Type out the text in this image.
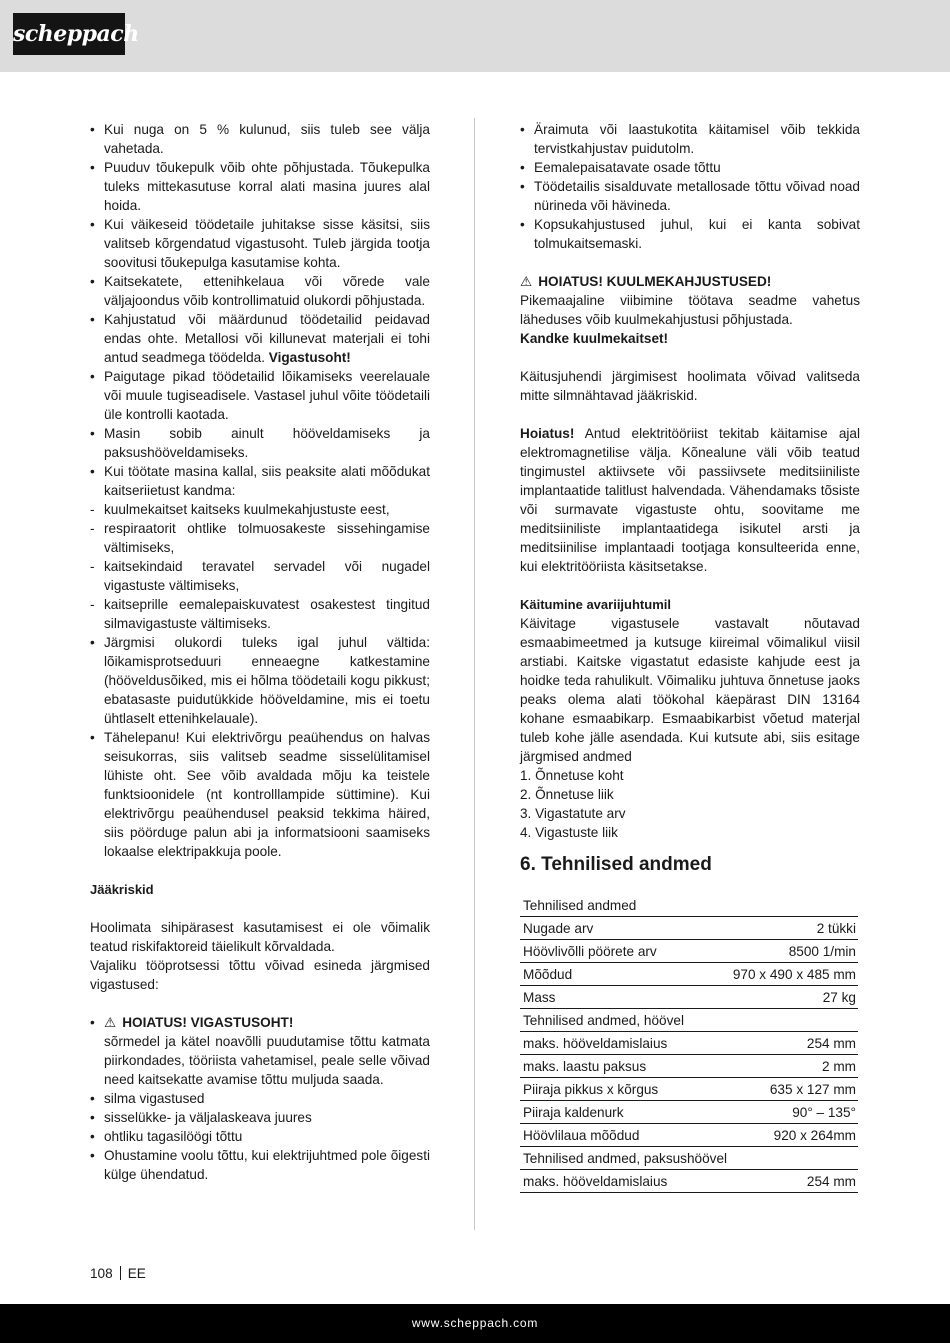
scheppach
• Kui nuga on 5 % kulunud, siis tuleb see välja vahetada.
• Puuduv tõukepulk võib ohte põhjustada. Tõukepulka tuleks mittekasutuse korral alati masina juures alal hoida.
• Kui väikeseid töödetaile juhitakse sisse käsitsi, siis valitseb kõrgendatud vigastusoht. Tuleb järgida tootja soovitusi tõukepulga kasutamise kohta.
• Kaitsekatete, ettenihkelaua või võrede vale väljajoondus võib kontrollimatuid olukordi põhjustada.
• Kahjustatud või määrdunud töödetailid peidavad endas ohte. Metallosi või killunevat materjali ei tohi antud seadmega töödelda. Vigastusoht!
• Paigutage pikad töödetailid lõikamiseks veerelauale või muule tugiseadisele. Vastasel juhul võite töödetaili üle kontrolli kaotada.
• Masin sobib ainult hööveldamiseks ja paksushööveldamiseks.
• Kui töötate masina kallal, siis peaksite alati mõõdukat kaitseriietust kandma:
- kuulmekaitset kaitseks kuulmekahjustuste eest,
- respiraatorit ohtlike tolmuosakeste sissehingamise vältimiseks,
- kaitsekindaid teravatel servadel või nugadel vigastuste vältimiseks,
- kaitseprille eemalepaiskuvatest osakestest tingitud silmavigastuste vältimiseks.
• Järgmisi olukordi tuleks igal juhul vältida: lõikamisprotseduuri enneaegne katkestamine (hööveldusõiked, mis ei hõlma töödetaili kogu pikkust; ebatasaste puidutükkide hööveldamine, mis ei toetu ühtlaselt ettenihkelauale).
• Tähelepanu! Kui elektrivõrgu peaühendus on halvas seisukorras, siis valitseb seadme sisselülitamisel lühiste oht. See võib avaldada mõju ka teistele funktsioonidele (nt kontrolllampide süttimine). Kui elektrivõrgu peaühendusel peaksid tekkima häired, siis pöörduge palun abi ja informatsiooni saamiseks lokaalse elektripakkuja poole.
Jääkriskid
Hoolimata sihipärasest kasutamisest ei ole võimalik teatud riskifaktoreid täielikult kõrvaldada.
Vajaliku tööprotsessi tõttu võivad esineda järgmised vigastused:
• ⚠ HOIATUS! VIGASTUSOHT!
sõrmedel ja kätel noavõlli puudutamise tõttu katmata piirkondades, tööriista vahetamisel, peale selle võivad need kaitsekatte avamise tõttu muljuda saada.
• silma vigastused
• sisselükke- ja väljalaskeava juures
• ohtliku tagasilöögi tõttu
• Ohustamine voolu tõttu, kui elektrijuhtmed pole õigesti külge ühendatud.
• Äraimuta või laastukotita käitamisel võib tekkida tervistkahjustav puidutolm.
• Eemalepaisatavate osade tõttu
• Töödetailis sisalduvate metallosade tõttu võivad noad nürineda või hävineda.
• Kopsukahjustused juhul, kui ei kanta sobivat tolmukaitsemaski.
⚠ HOIATUS! KUULMEKAHJUSTUSED!
Pikemaajaline viibimine töötava seadme vahetus läheduses võib kuulmekahjustusi põhjustada.
Kandke kuulmekaitset!
Käitusjuhendi järgimisest hoolimata võivad valitseda mitte silmnähtavad jääkriskid.
Hoiatus! Antud elektritööriist tekitab käitamise ajal elektromagnetilise välja. Kõnealune väli võib teatud tingimustel aktiivsete või passiivsete meditsiiniliste implantaatide talitlust halvendada. Vähendamaks tõsiste või surmavate vigastuste ohtu, soovitame me meditsiiniliste implantaatidega isikutel arsti ja meditsiinilise implantaadi tootjaga konsulteerida enne, kui elektritööriista käsitsetakse.
Käitumine avariijuhtumil
Käivitage vigastusele vastavalt nõutavad esmaabimeetmed ja kutsuge kiireimal võimalikul viisil arstiabi. Kaitske vigastatut edasiste kahjude eest ja hoidke teda rahulikult. Võimaliku juhtuva õnnetuse jaoks peaks olema alati töökohal käepärast DIN 13164 kohane esmaabikarp. Esmaabikarbist võetud materjal tuleb kohe jälle asendada. Kui kutsute abi, siis esitage järgmised andmed
1. Õnnetuse koht
2. Õnnetuse liik
3. Vigastatute arv
4. Vigastuste liik
6. Tehnilised andmed
Tehnilised andmed	
Nugade arv	2 tükki
Höövlivõlli pöörete arv	8500 1/min
Mõõdud	970 x 490 x 485 mm
Mass	27 kg
Tehnilised andmed, höövel	
maks. hööveldamislaius	254 mm
maks. laastu paksus	2 mm
Piiraja pikkus x kõrgus	635 x 127 mm
Piiraja kaldenurk	90° – 135°
Höövlilaua mõõdud	920 x 264mm
Tehnilised andmed, paksushöövel	
maks. hööveldamislaius	254 mm
108 EE
www.scheppach.com
